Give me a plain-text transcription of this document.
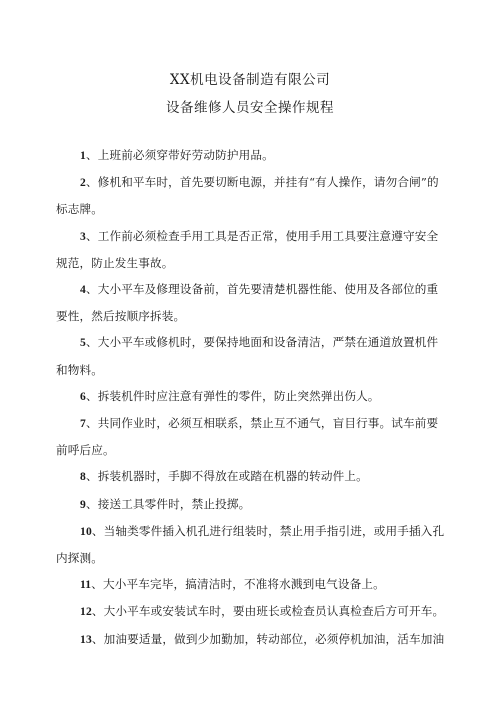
XX机电设备制造有限公司
设备维修人员安全操作规程

1、上班前必须穿带好劳动防护用品。

2、修机和平车时，首先要切断电源，并挂有“有人操作，请勿合闸”的标志牌。

3、工作前必须检查手用工具是否正常，使用手用工具要注意遵守安全规范，防止发生事故。

4、大小平车及修理设备前，首先要清楚机器性能、使用及各部位的重要性，然后按顺序拆装。

5、大小平车或修机时，要保持地面和设备清洁，严禁在通道放置机件和物料。

6、拆装机件时应注意有弹性的零件，防止突然弹出伤人。

7、共同作业时，必须互相联系，禁止互不通气，盲目行事。试车前要前呼后应。

8、拆装机器时，手脚不得放在或踏在机器的转动件上。

9、接送工具零件时，禁止投掷。

10、当轴类零件插入机孔进行组装时，禁止用手指引进，或用手插入孔内探测。

11、大小平车完毕，搞清洁时，不准将水溅到电气设备上。

12、大小平车或安装试车时，要由班长或检查员认真检查后方可开车。

13、加油要适量，做到少加勤加，转动部位，必须停机加油，活车加油
